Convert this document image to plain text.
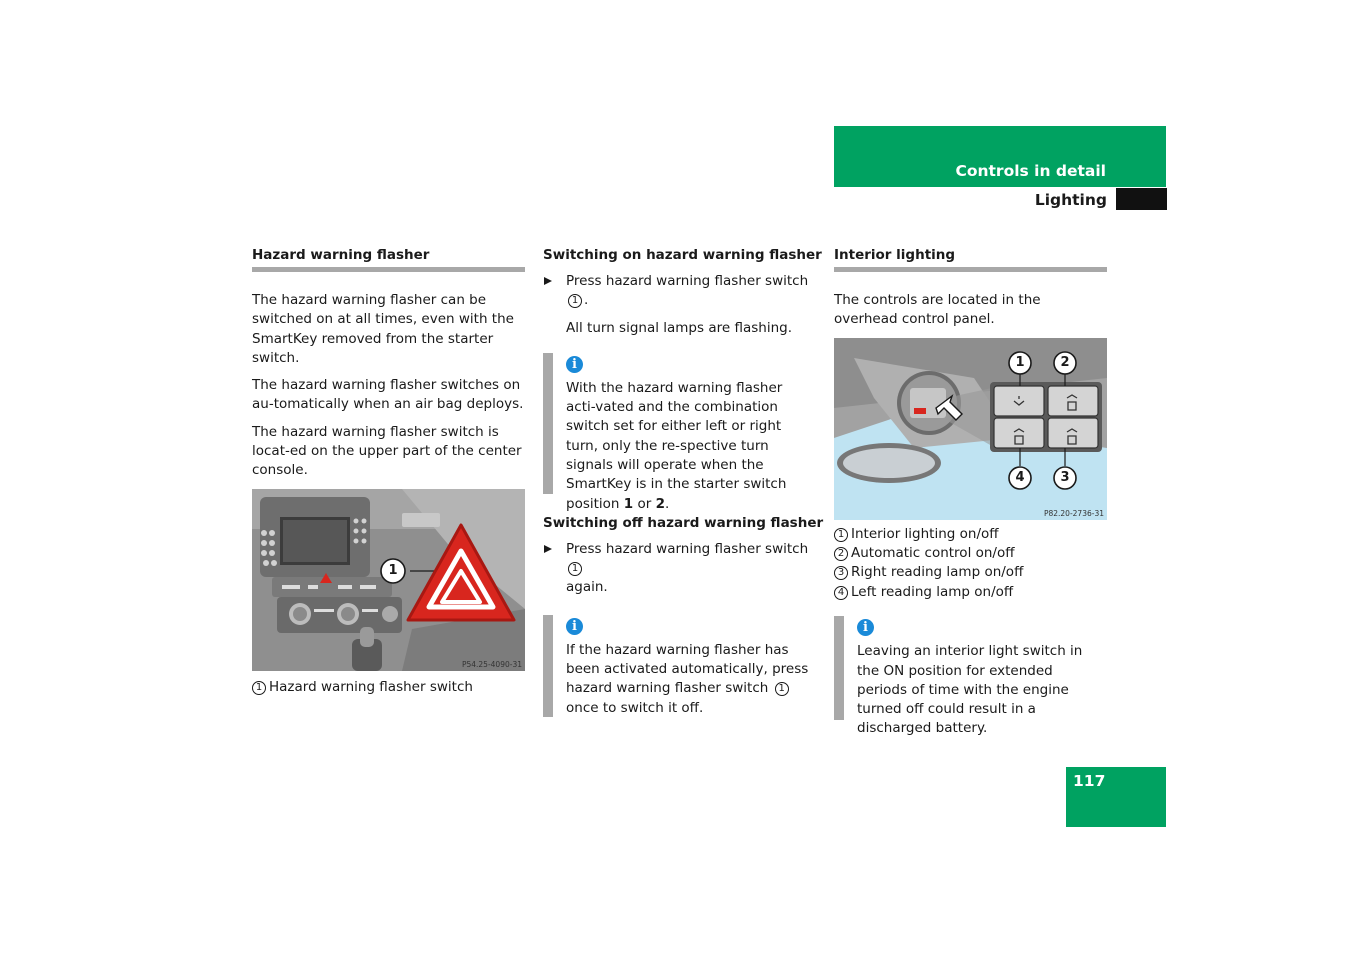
Controls in detail
Lighting
Hazard warning flasher

The hazard warning flasher can be switched on at all times, even with the SmartKey removed from the starter switch.

The hazard warning flasher switches on au-tomatically when an air bag deploys.

The hazard warning flasher switch is locat-ed on the upper part of the center console.

1
P54.25-4090-31

1 Hazard warning flasher switch

Switching on hazard warning flasher
Press hazard warning flasher switch 1 .

All turn signal lamps are flashing.

i

With the hazard warning flasher acti-vated and the combination switch set for either left or right turn, only the re-spective turn signals will operate when the SmartKey is in the starter switch position 1 or 2.

Switching off hazard warning flasher
Press hazard warning flasher switch 1
again.
i

If the hazard warning flasher has been activated automatically, press hazard warning flasher switch 1 once to switch it off.

Interior lighting

The controls are located in the overhead control panel.

1	2
3
4
P82.20-2736-31

1 Interior lighting on/off

2 Automatic control on/off

3 Right reading lamp on/off

4 Left reading lamp on/off

i

Leaving an interior light switch in the ON position for extended periods of time with the engine turned off could result in a discharged battery.

117
